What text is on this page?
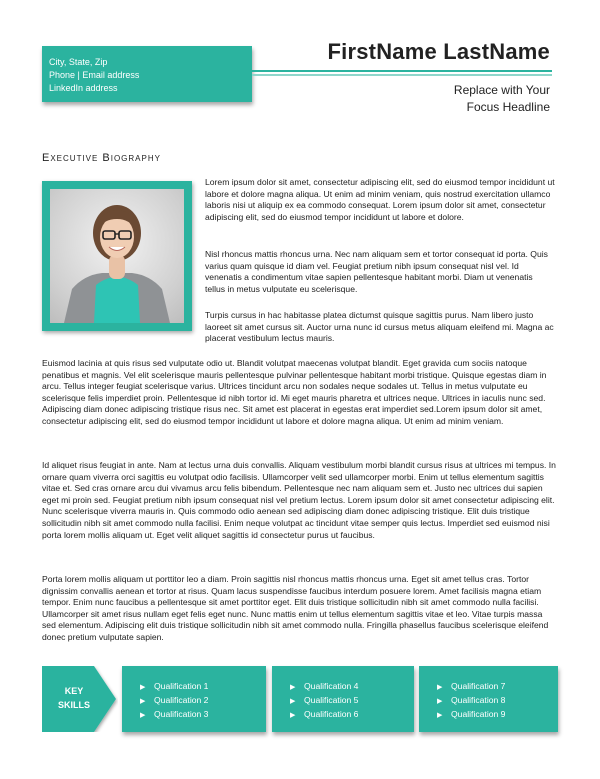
City, State, Zip
Phone | Email address
LinkedIn address
FirstName LastName
Replace with Your
Focus Headline
Executive Biography

Lorem ipsum dolor sit amet, consectetur adipiscing elit, sed do eiusmod tempor incididunt ut labore et dolore magna aliqua. Ut enim ad minim veniam, quis nostrud exercitation ullamco laboris nisi ut aliquip ex ea commodo consequat. Lorem ipsum dolor sit amet, consectetur adipiscing elit, sed do eiusmod tempor incididunt ut labore et dolore.

Nisl rhoncus mattis rhoncus urna. Nec nam aliquam sem et tortor consequat id porta. Quis varius quam quisque id diam vel. Feugiat pretium nibh ipsum consequat nisl vel. Id venenatis a condimentum vitae sapien pellentesque habitant morbi. Diam ut venenatis tellus in metus vulputate eu scelerisque.

Turpis cursus in hac habitasse platea dictumst quisque sagittis purus. Nam libero justo laoreet sit amet cursus sit. Auctor urna nunc id cursus metus aliquam eleifend mi. Magna ac placerat vestibulum lectus mauris.

Euismod lacinia at quis risus sed vulputate odio ut. Blandit volutpat maecenas volutpat blandit. Eget gravida cum sociis natoque penatibus et magnis. Vel elit scelerisque mauris pellentesque pulvinar pellentesque habitant morbi tristique. Quisque egestas diam in arcu. Tellus integer feugiat scelerisque varius. Ultrices tincidunt arcu non sodales neque sodales ut. Tellus in metus vulputate eu scelerisque felis imperdiet proin. Pellentesque id nibh tortor id. Mi eget mauris pharetra et ultrices neque. Ultrices in iaculis nunc sed. Adipiscing diam donec adipiscing tristique risus nec. Sit amet est placerat in egestas erat imperdiet sed.Lorem ipsum dolor sit amet, consectetur adipiscing elit, sed do eiusmod tempor incididunt ut labore et dolore magna aliqua. Ut enim ad minim veniam.

Id aliquet risus feugiat in ante. Nam at lectus urna duis convallis. Aliquam vestibulum morbi blandit cursus risus at ultrices mi tempus. In ornare quam viverra orci sagittis eu volutpat odio facilisis. Ullamcorper velit sed ullamcorper morbi. Enim ut tellus elementum sagittis vitae et. Sed cras ornare arcu dui vivamus arcu felis bibendum. Pellentesque nec nam aliquam sem et. Justo nec ultrices dui sapien eget mi proin sed. Feugiat pretium nibh ipsum consequat nisl vel pretium lectus. Lorem ipsum dolor sit amet consectetur adipiscing elit. Nunc scelerisque viverra mauris in. Quis commodo odio aenean sed adipiscing diam donec adipiscing tristique. Elit duis tristique sollicitudin nibh sit amet commodo nulla facilisi. Enim neque volutpat ac tincidunt vitae semper quis lectus. Imperdiet sed euismod nisi porta lorem mollis aliquam ut. Eget velit aliquet sagittis id consectetur purus ut faucibus.

Porta lorem mollis aliquam ut porttitor leo a diam. Proin sagittis nisl rhoncus mattis rhoncus urna. Eget sit amet tellus cras. Tortor dignissim convallis aenean et tortor at risus. Quam lacus suspendisse faucibus interdum posuere lorem. Amet facilisis magna etiam tempor. Enim nunc faucibus a pellentesque sit amet porttitor eget. Elit duis tristique sollicitudin nibh sit amet commodo nulla facilisi. Ullamcorper sit amet risus nullam eget felis eget nunc. Nunc mattis enim ut tellus elementum sagittis vitae et leo. Vitae turpis massa sed elementum. Adipiscing elit duis tristique sollicitudin nibh sit amet commodo nulla. Fringilla phasellus faucibus scelerisque eleifend donec pretium vulputate sapien.

KEY
SKILLS
▶ Qualification 1
▶ Qualification 2
▶ Qualification 3
▶ Qualification 4
▶ Qualification 5
▶ Qualification 6
▶ Qualification 7
▶ Qualification 8
▶ Qualification 9
